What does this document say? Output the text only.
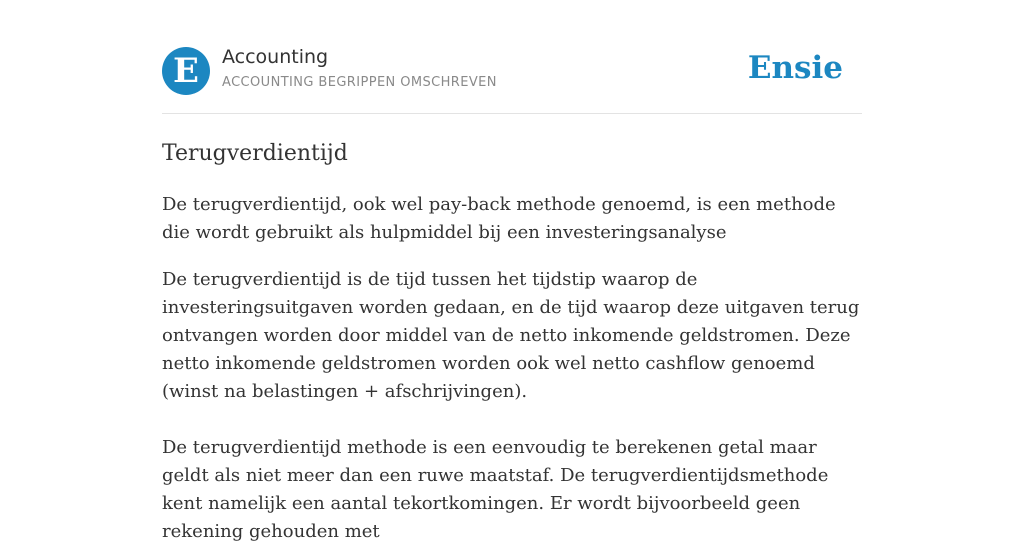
E	Accounting
ACCOUNTING BEGRIPPEN OMSCHREVEN	Ensie
Terugverdientijd

De terugverdientijd, ook wel pay-back methode genoemd, is een methode die wordt gebruikt als hulpmiddel bij een investeringsanalyse

De terugverdientijd is de tijd tussen het tijdstip waarop de investeringsuitgaven worden gedaan, en de tijd waarop deze uitgaven terug ontvangen worden door middel van de netto inkomende geldstromen. Deze netto inkomende geldstromen worden ook wel netto cashflow genoemd (winst na belastingen + afschrijvingen).

De terugverdientijd methode is een eenvoudig te berekenen getal maar geldt als niet meer dan een ruwe maatstaf. De terugverdientijdsmethode kent namelijk een aantal tekortkomingen. Er wordt bijvoorbeeld geen rekening gehouden met
